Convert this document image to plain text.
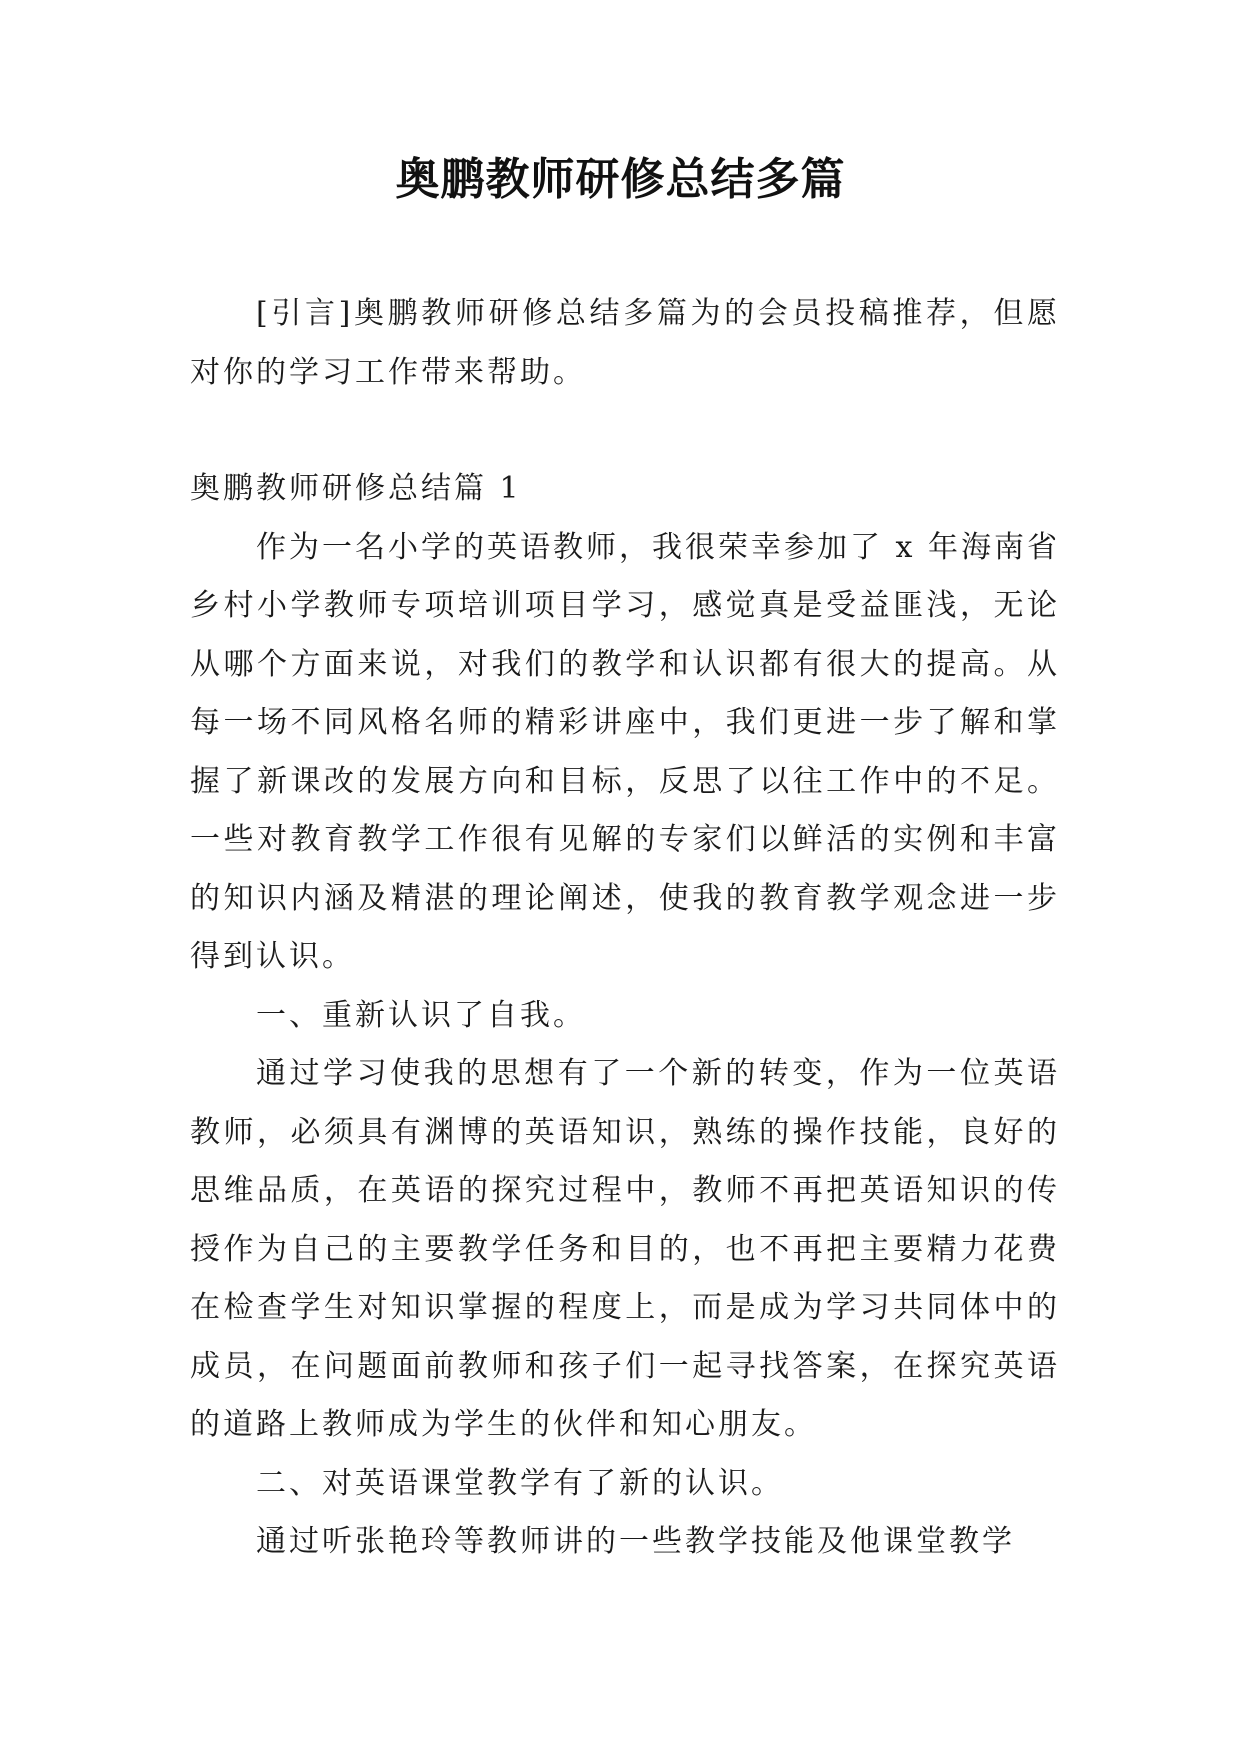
奥鹏教师研修总结多篇

[引言]奥鹏教师研修总结多篇为的会员投稿推荐，但愿对你的学习工作带来帮助。

奥鹏教师研修总结篇 1

作为一名小学的英语教师，我很荣幸参加了 x 年海南省乡村小学教师专项培训项目学习，感觉真是受益匪浅，无论从哪个方面来说，对我们的教学和认识都有很大的提高。从每一场不同风格名师的精彩讲座中，我们更进一步了解和掌握了新课改的发展方向和目标，反思了以往工作中的不足。一些对教育教学工作很有见解的专家们以鲜活的实例和丰富的知识内涵及精湛的理论阐述，使我的教育教学观念进一步得到认识。

一、重新认识了自我。

通过学习使我的思想有了一个新的转变，作为一位英语教师，必须具有渊博的英语知识，熟练的操作技能，良好的思维品质，在英语的探究过程中，教师不再把英语知识的传授作为自己的主要教学任务和目的，也不再把主要精力花费在检查学生对知识掌握的程度上，而是成为学习共同体中的成员，在问题面前教师和孩子们一起寻找答案，在探究英语的道路上教师成为学生的伙伴和知心朋友。

二、对英语课堂教学有了新的认识。

通过听张艳玲等教师讲的一些教学技能及他课堂教学
